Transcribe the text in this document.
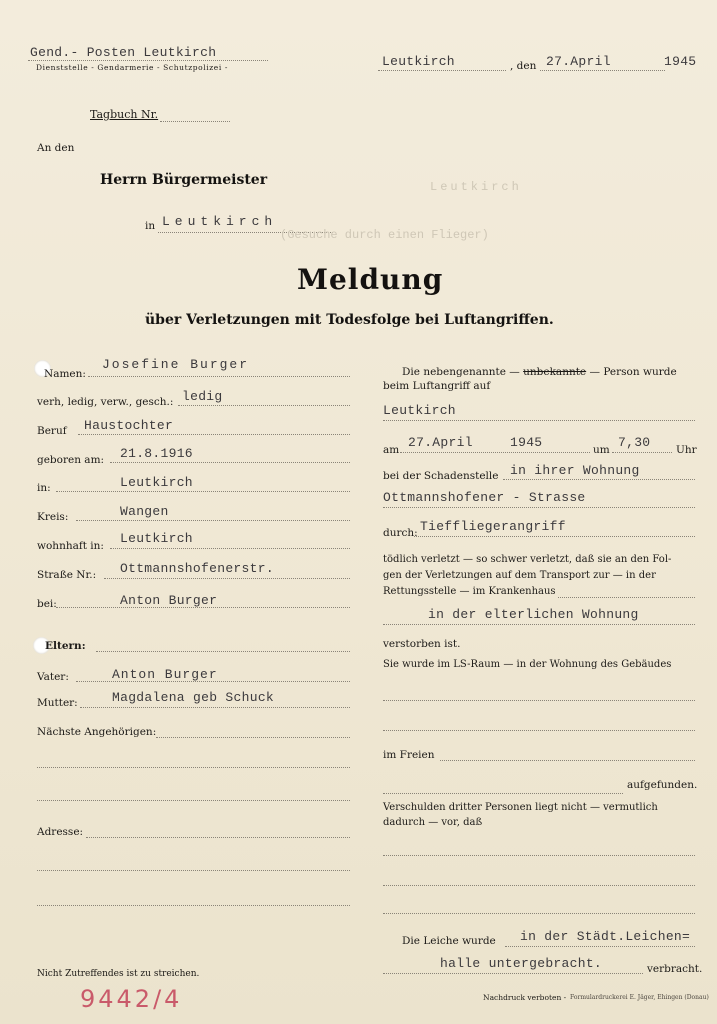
Gend.- Posten Leutkirch
Dienststelle - Gendarmerie - Schutzpolizei -	Leutkirch	, den 27.April	1945
Tagbuch Nr.
An den
Herrn Bürgermeister
in Leutkirch
Leutkirch
(Gesuche durch einen Flieger)
Meldung
über Verletzungen mit Todesfolge bei Luftangriffen.
Namen:
Josefine Burger
verh, ledig, verw., gesch.: ledig
Beruf Haustochter
geboren am: 21.8.1916
in:	Leutkirch
Kreis:	Wangen
wohnhaft in: Leutkirch
Straße Nr.: Ottmannshofenerstr.
bei:	Anton Burger
Eltern:
Vater:	Anton Burger
Mutter:	Magdalena geb Schuck
Nächste Angehörigen:
Adresse:
Die nebengenannte — unbekannte — Person wurde
beim Luftangriff auf
Leutkirch
am 27.April	1945	um 7,30 Uhr
bei der Schadenstelle in ihrer Wohnung
Ottmannshofener - Strasse
durch: Tieffliegerangriff
tödlich verletzt — so schwer verletzt, daß sie an den Fol-
gen der Verletzungen auf dem Transport zur — in der
Rettungsstelle — im Krankenhaus
in der elterlichen Wohnung
verstorben ist.
Sie wurde im LS-Raum — in der Wohnung des Gebäudes
im Freien
aufgefunden.
Verschulden dritter Personen liegt nicht — vermutlich
dadurch — vor, daß
Die Leiche wurde in der Städt.Leichen=
halle untergebracht.	verbracht.
Nicht Zutreffendes ist zu streichen.
9442/4	Nachdruck verboten - Formulardruckerei E. Jäger, Ehingen (Donau)
